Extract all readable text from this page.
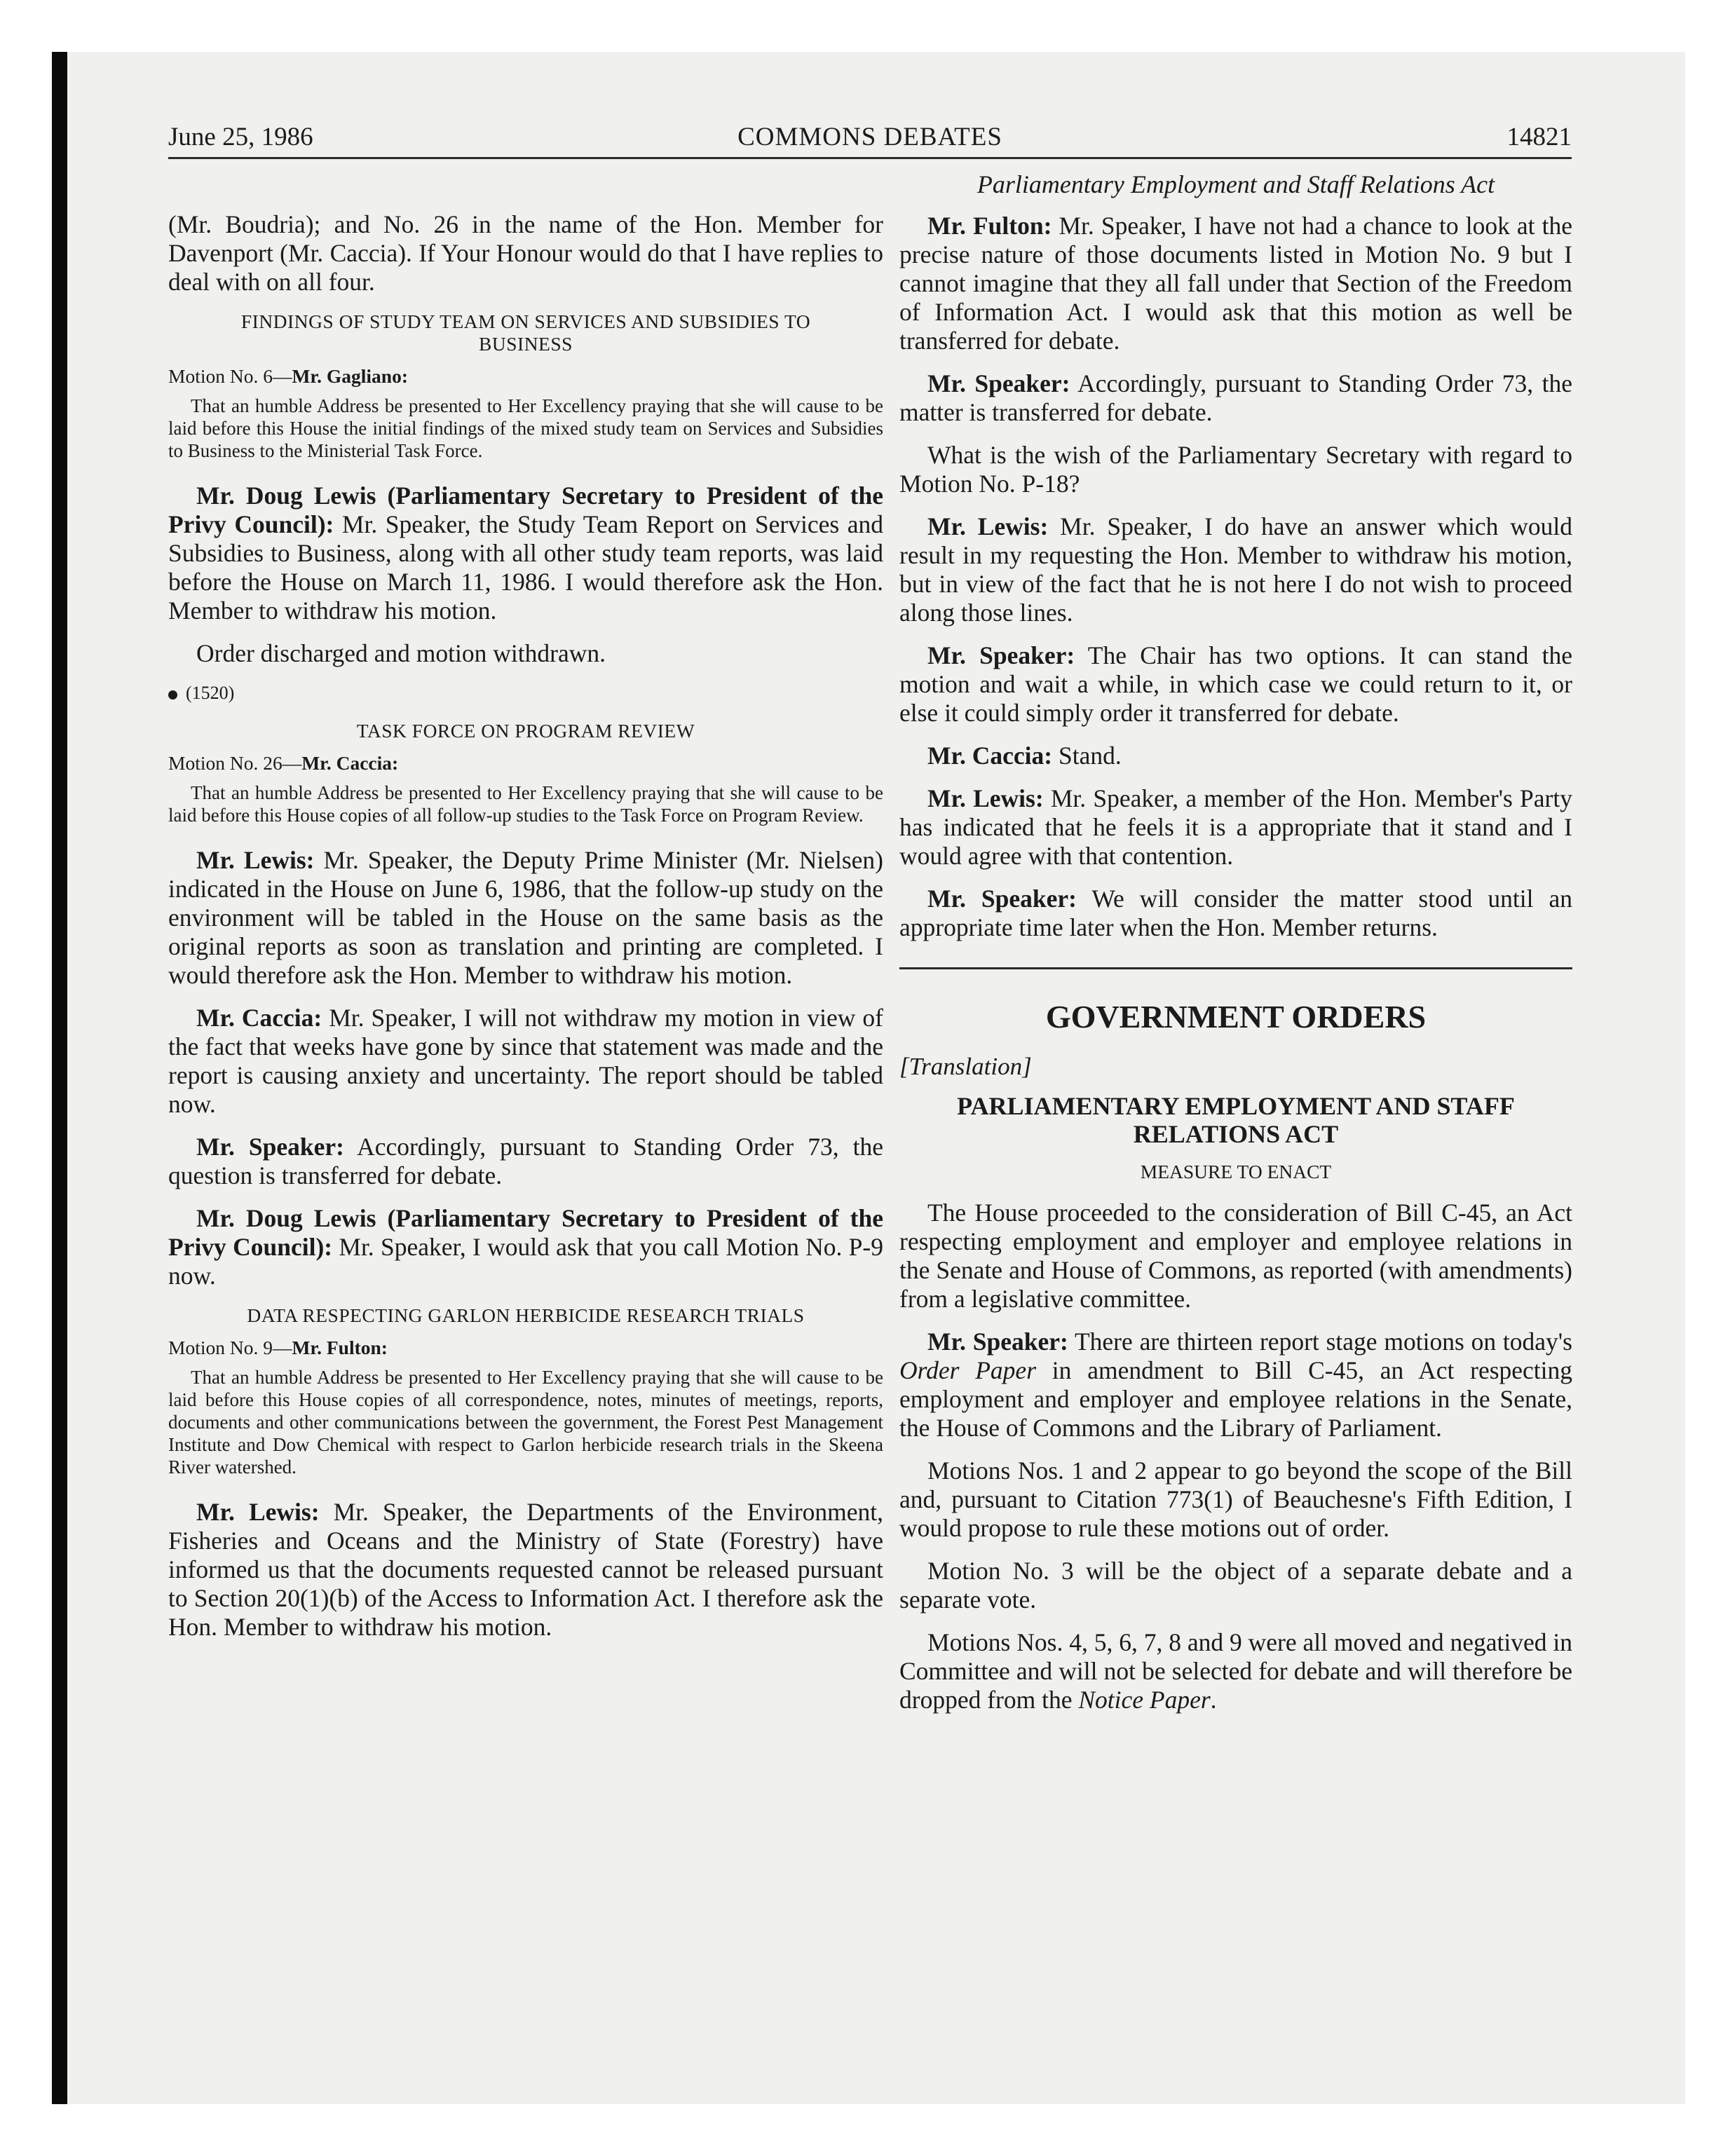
June 25, 1986	COMMONS DEBATES	14821

(Mr. Boudria); and No. 26 in the name of the Hon. Member for Davenport (Mr. Caccia). If Your Honour would do that I have replies to deal with on all four.

FINDINGS OF STUDY TEAM ON SERVICES AND SUBSIDIES TO BUSINESS
Motion No. 6—Mr. Gagliano:

That an humble Address be presented to Her Excellency praying that she will cause to be laid before this House the initial findings of the mixed study team on Services and Subsidies to Business to the Ministerial Task Force.

Mr. Doug Lewis (Parliamentary Secretary to President of the Privy Council): Mr. Speaker, the Study Team Report on Services and Subsidies to Business, along with all other study team reports, was laid before the House on March 11, 1986. I would therefore ask the Hon. Member to withdraw his motion.

Order discharged and motion withdrawn.

(1520)
TASK FORCE ON PROGRAM REVIEW
Motion No. 26—Mr. Caccia:

That an humble Address be presented to Her Excellency praying that she will cause to be laid before this House copies of all follow-up studies to the Task Force on Program Review.

Mr. Lewis: Mr. Speaker, the Deputy Prime Minister (Mr. Nielsen) indicated in the House on June 6, 1986, that the follow-up study on the environment will be tabled in the House on the same basis as the original reports as soon as translation and printing are completed. I would therefore ask the Hon. Member to withdraw his motion.

Mr. Caccia: Mr. Speaker, I will not withdraw my motion in view of the fact that weeks have gone by since that statement was made and the report is causing anxiety and uncertainty. The report should be tabled now.

Mr. Speaker: Accordingly, pursuant to Standing Order 73, the question is transferred for debate.

Mr. Doug Lewis (Parliamentary Secretary to President of the Privy Council): Mr. Speaker, I would ask that you call Motion No. P-9 now.

DATA RESPECTING GARLON HERBICIDE RESEARCH TRIALS
Motion No. 9—Mr. Fulton:

That an humble Address be presented to Her Excellency praying that she will cause to be laid before this House copies of all correspondence, notes, minutes of meetings, reports, documents and other communications between the government, the Forest Pest Management Institute and Dow Chemical with respect to Garlon herbicide research trials in the Skeena River watershed.

Mr. Lewis: Mr. Speaker, the Departments of the Environment, Fisheries and Oceans and the Ministry of State (Forestry) have informed us that the documents requested cannot be released pursuant to Section 20(1)(b) of the Access to Information Act. I therefore ask the Hon. Member to withdraw his motion.

Parliamentary Employment and Staff Relations Act

Mr. Fulton: Mr. Speaker, I have not had a chance to look at the precise nature of those documents listed in Motion No. 9 but I cannot imagine that they all fall under that Section of the Freedom of Information Act. I would ask that this motion as well be transferred for debate.

Mr. Speaker: Accordingly, pursuant to Standing Order 73, the matter is transferred for debate.

What is the wish of the Parliamentary Secretary with regard to Motion No. P-18?

Mr. Lewis: Mr. Speaker, I do have an answer which would result in my requesting the Hon. Member to withdraw his motion, but in view of the fact that he is not here I do not wish to proceed along those lines.

Mr. Speaker: The Chair has two options. It can stand the motion and wait a while, in which case we could return to it, or else it could simply order it transferred for debate.

Mr. Caccia: Stand.

Mr. Lewis: Mr. Speaker, a member of the Hon. Member's Party has indicated that he feels it is a appropriate that it stand and I would agree with that contention.

Mr. Speaker: We will consider the matter stood until an appropriate time later when the Hon. Member returns.

GOVERNMENT ORDERS
[Translation]
PARLIAMENTARY EMPLOYMENT AND STAFF RELATIONS ACT
MEASURE TO ENACT

The House proceeded to the consideration of Bill C-45, an Act respecting employment and employer and employee relations in the Senate and House of Commons, as reported (with amendments) from a legislative committee.

Mr. Speaker: There are thirteen report stage motions on today's Order Paper in amendment to Bill C-45, an Act respecting employment and employer and employee relations in the Senate, the House of Commons and the Library of Parliament.

Motions Nos. 1 and 2 appear to go beyond the scope of the Bill and, pursuant to Citation 773(1) of Beauchesne's Fifth Edition, I would propose to rule these motions out of order.

Motion No. 3 will be the object of a separate debate and a separate vote.

Motions Nos. 4, 5, 6, 7, 8 and 9 were all moved and negatived in Committee and will not be selected for debate and will therefore be dropped from the Notice Paper.
